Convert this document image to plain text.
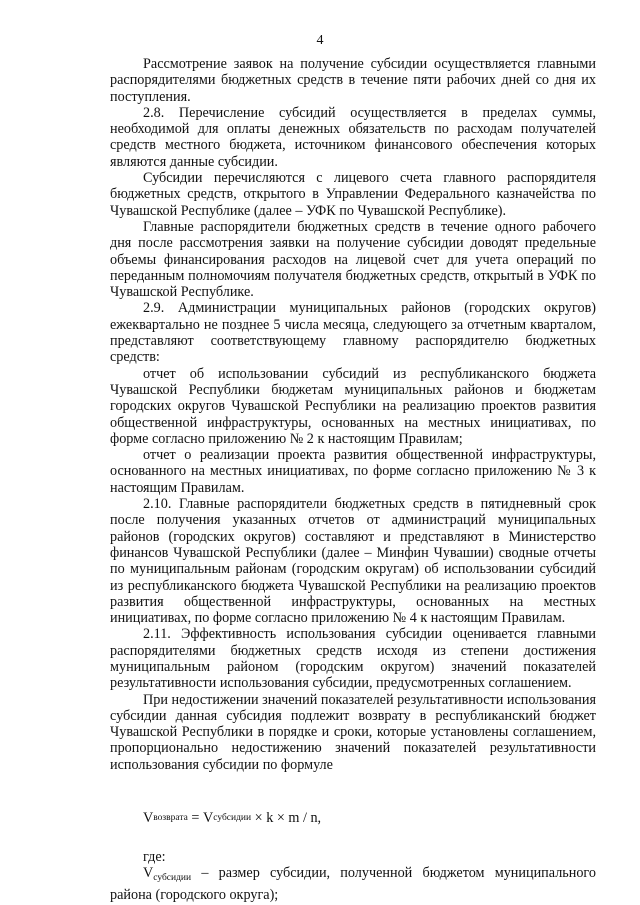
4

Рассмотрение заявок на получение субсидии осуществляется главными распорядителями бюджетных средств в течение пяти рабочих дней со дня их поступления.

2.8. Перечисление субсидий осуществляется в пределах суммы, необходимой для оплаты денежных обязательств по расходам получателей средств местного бюджета, источником финансового обеспечения которых являются данные субсидии.

Субсидии перечисляются с лицевого счета главного распорядителя бюджетных средств, открытого в Управлении Федерального казначейства по Чувашской Республике (далее – УФК по Чувашской Республике).

Главные распорядители бюджетных средств в течение одного рабочего дня после рассмотрения заявки на получение субсидии доводят предельные объемы финансирования расходов на лицевой счет для учета операций по переданным полномочиям получателя бюджетных средств, открытый в УФК по Чувашской Республике.

2.9. Администрации муниципальных районов (городских округов) ежеквартально не позднее 5 числа месяца, следующего за отчетным кварталом, представляют соответствующему главному распорядителю бюджетных средств:

отчет об использовании субсидий из республиканского бюджета Чувашской Республики бюджетам муниципальных районов и бюджетам городских округов Чувашской Республики на реализацию проектов развития общественной инфраструктуры, основанных на местных инициативах, по форме согласно приложению № 2 к настоящим Правилам;

отчет о реализации проекта развития общественной инфраструктуры, основанного на местных инициативах, по форме согласно приложению № 3 к настоящим Правилам.

2.10. Главные распорядители бюджетных средств в пятидневный срок после получения указанных отчетов от администраций муниципальных районов (городских округов) составляют и представляют в Министерство финансов Чувашской Республики (далее – Минфин Чувашии) сводные отчеты по муниципальным районам (городским округам) об использовании субсидий из республиканского бюджета Чувашской Республики на реализацию проектов развития общественной инфраструктуры, основанных на местных инициативах, по форме согласно приложению № 4 к настоящим Правилам.

2.11. Эффективность использования субсидии оценивается главными распорядителями бюджетных средств исходя из степени достижения муниципальным районом (городским округом) значений показателей результативности использования субсидии, предусмотренных соглашением.

При недостижении значений показателей результативности использования субсидии данная субсидия подлежит возврату в республиканский бюджет Чувашской Республики в порядке и сроки, которые установлены соглашением, пропорционально недостижению значений показателей результативности использования субсидии по формуле

V возврата = V субсидии × k × m / n,

где:

$V_{субсидии}$ – размер субсидии, полученной бюджетом муниципального района (городского округа);
